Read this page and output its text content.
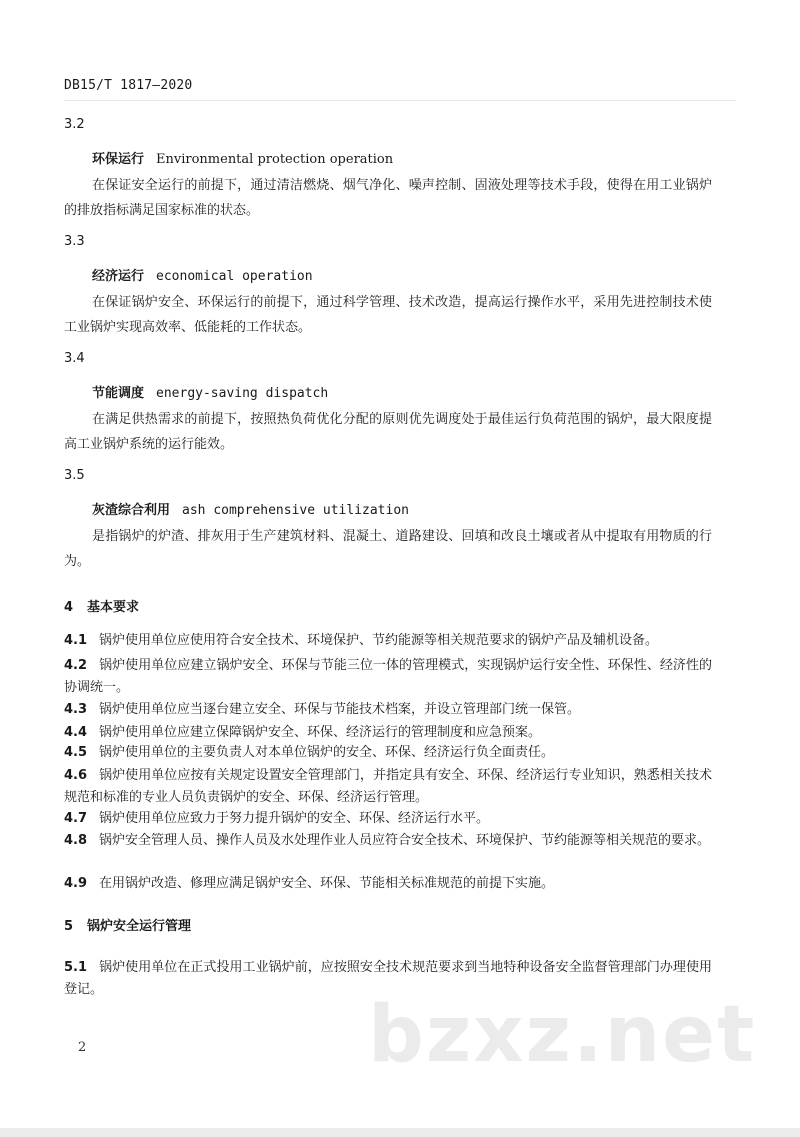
DB15/T 1817—2020
3.2
环保运行 Environmental protection operation
在保证安全运行的前提下，通过清洁燃烧、烟气净化、噪声控制、固液处理等技术手段，使得在用工业锅炉的排放指标满足国家标准的状态。
3.3
经济运行 economical operation
在保证锅炉安全、环保运行的前提下，通过科学管理、技术改造，提高运行操作水平，采用先进控制技术使工业锅炉实现高效率、低能耗的工作状态。
3.4
节能调度 energy-saving dispatch
在满足供热需求的前提下，按照热负荷优化分配的原则优先调度处于最佳运行负荷范围的锅炉，最大限度提高工业锅炉系统的运行能效。
3.5
灰渣综合利用 ash comprehensive utilization
是指锅炉的炉渣、排灰用于生产建筑材料、混凝土、道路建设、回填和改良土壤或者从中提取有用物质的行为。
4 基本要求
4.1 锅炉使用单位应使用符合安全技术、环境保护、节约能源等相关规范要求的锅炉产品及辅机设备。
4.2 锅炉使用单位应建立锅炉安全、环保与节能三位一体的管理模式，实现锅炉运行安全性、环保性、经济性的协调统一。
4.3 锅炉使用单位应当逐台建立安全、环保与节能技术档案，并设立管理部门统一保管。
4.4 锅炉使用单位应建立保障锅炉安全、环保、经济运行的管理制度和应急预案。
4.5 锅炉使用单位的主要负责人对本单位锅炉的安全、环保、经济运行负全面责任。
4.6 锅炉使用单位应按有关规定设置安全管理部门，并指定具有安全、环保、经济运行专业知识，熟悉相关技术规范和标准的专业人员负责锅炉的安全、环保、经济运行管理。
4.7 锅炉使用单位应致力于努力提升锅炉的安全、环保、经济运行水平。
4.8 锅炉安全管理人员、操作人员及水处理作业人员应符合安全技术、环境保护、节约能源等相关规范的要求。
4.9 在用锅炉改造、修理应满足锅炉安全、环保、节能相关标准规范的前提下实施。
5 锅炉安全运行管理
5.1 锅炉使用单位在正式投用工业锅炉前，应按照安全技术规范要求到当地特种设备安全监督管理部门办理使用登记。
2	bzxz.net
